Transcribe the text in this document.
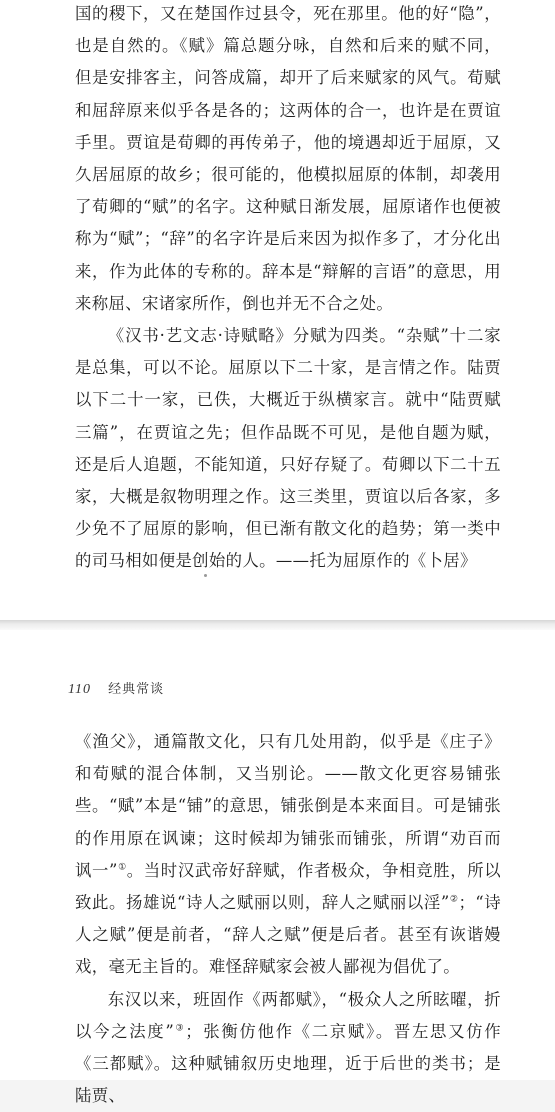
国的稷下，又在楚国作过县令，死在那里。他的好“隐”，也是自然的。《赋》篇总题分咏，自然和后来的赋不同，但是安排客主，问答成篇，却开了后来赋家的风气。荀赋和屈辞原来似乎各是各的；这两体的合一，也许是在贾谊手里。贾谊是荀卿的再传弟子，他的境遇却近于屈原，又久居屈原的故乡；很可能的，他模拟屈原的体制，却袭用了荀卿的“赋”的名字。这种赋日渐发展，屈原诸作也便被称为“赋”；“辞”的名字许是后来因为拟作多了，才分化出来，作为此体的专称的。辞本是“辩解的言语”的意思，用来称屈、宋诸家所作，倒也并无不合之处。

《汉书·艺文志·诗赋略》分赋为四类。“杂赋”十二家是总集，可以不论。屈原以下二十家，是言情之作。陆贾以下二十一家，已佚，大概近于纵横家言。就中“陆贾赋三篇”，在贾谊之先；但作品既不可见，是他自题为赋，还是后人追题，不能知道，只好存疑了。荀卿以下二十五家，大概是叙物明理之作。这三类里，贾谊以后各家，多少免不了屈原的影响，但已渐有散文化的趋势；第一类中的司马相如便是创始的人。——托为屈原作的《卜居》

110 经典常谈

《渔父》，通篇散文化，只有几处用韵，似乎是《庄子》和荀赋的混合体制，又当别论。——散文化更容易铺张些。“赋”本是“铺”的意思，铺张倒是本来面目。可是铺张的作用原在讽谏；这时候却为铺张而铺张，所谓“劝百而讽一”①。当时汉武帝好辞赋，作者极众，争相竞胜，所以致此。扬雄说“诗人之赋丽以则，辞人之赋丽以淫”②；“诗人之赋”便是前者，“辞人之赋”便是后者。甚至有诙谐嫚戏，毫无主旨的。难怪辞赋家会被人鄙视为倡优了。

东汉以来，班固作《两都赋》，“极众人之所眩曜，折以今之法度”③；张衡仿他作《二京赋》。晋左思又仿作《三都赋》。这种赋铺叙历史地理，近于后世的类书；是陆贾、
